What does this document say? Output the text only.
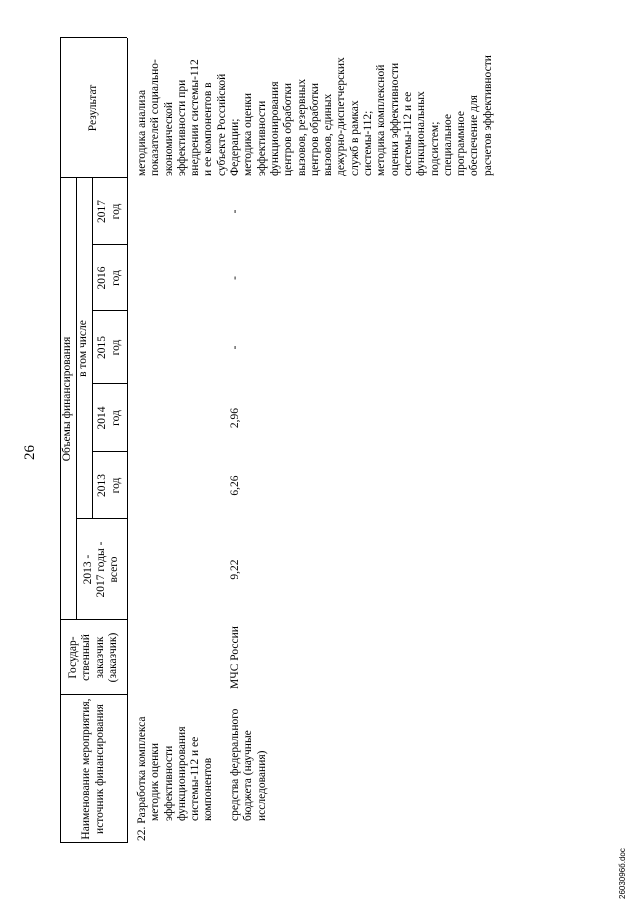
26
Наименование мероприятия, источник финансирования
Государ- ственный заказчик (заказчик)
Объемы финансирования
2013 - 2017 годы - всего
в том числе
2013 год
2014 год
2015 год
2016 год
2017 год
Результат
22. Разработка комплекса методик оценки эффективности функционирования системы-112 и ее компонентов средства федерального бюджета (научные исследования)
МЧС России
9,22
6,26
2,96
-
-
-
методика анализа показателей социально- экономической эффективности при внедрении системы-112 и ее компонентов в субъекте Российской Федерации; методика оценки эффективности функционирования центров обработки вызовов, резервных центров обработки вызовов, единых дежурно-диспетчерских служб в рамках системы-112; методика комплексной оценки эффективности системы-112 и ее функциональных подсистем; специальное программное обеспечение для расчетов эффективности
2603096б.doc
